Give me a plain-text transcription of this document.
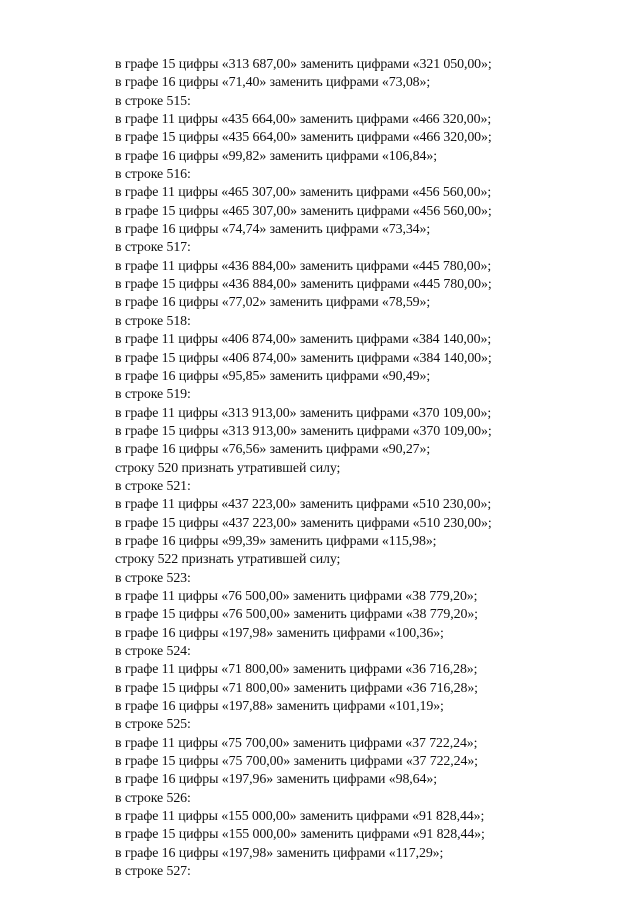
в графе 15 цифры «313 687,00» заменить цифрами «321 050,00»;
в графе 16 цифры «71,40» заменить цифрами «73,08»;
в строке 515:
в графе 11 цифры «435 664,00» заменить цифрами «466 320,00»;
в графе 15 цифры «435 664,00» заменить цифрами «466 320,00»;
в графе 16 цифры «99,82» заменить цифрами «106,84»;
в строке 516:
в графе 11 цифры «465 307,00» заменить цифрами «456 560,00»;
в графе 15 цифры «465 307,00» заменить цифрами «456 560,00»;
в графе 16 цифры «74,74» заменить цифрами «73,34»;
в строке 517:
в графе 11 цифры «436 884,00» заменить цифрами «445 780,00»;
в графе 15 цифры «436 884,00» заменить цифрами «445 780,00»;
в графе 16 цифры «77,02» заменить цифрами «78,59»;
в строке 518:
в графе 11 цифры «406 874,00» заменить цифрами «384 140,00»;
в графе 15 цифры «406 874,00» заменить цифрами «384 140,00»;
в графе 16 цифры «95,85» заменить цифрами «90,49»;
в строке 519:
в графе 11 цифры «313 913,00» заменить цифрами «370 109,00»;
в графе 15 цифры «313 913,00» заменить цифрами «370 109,00»;
в графе 16 цифры «76,56» заменить цифрами «90,27»;
строку 520 признать утратившей силу;
в строке 521:
в графе 11 цифры «437 223,00» заменить цифрами «510 230,00»;
в графе 15 цифры «437 223,00» заменить цифрами «510 230,00»;
в графе 16 цифры «99,39» заменить цифрами «115,98»;
строку 522 признать утратившей силу;
в строке 523:
в графе 11 цифры «76 500,00» заменить цифрами «38 779,20»;
в графе 15 цифры «76 500,00» заменить цифрами «38 779,20»;
в графе 16 цифры «197,98» заменить цифрами «100,36»;
в строке 524:
в графе 11 цифры «71 800,00» заменить цифрами «36 716,28»;
в графе 15 цифры «71 800,00» заменить цифрами «36 716,28»;
в графе 16 цифры «197,88» заменить цифрами «101,19»;
в строке 525:
в графе 11 цифры «75 700,00» заменить цифрами «37 722,24»;
в графе 15 цифры «75 700,00» заменить цифрами «37 722,24»;
в графе 16 цифры «197,96» заменить цифрами «98,64»;
в строке 526:
в графе 11 цифры «155 000,00» заменить цифрами «91 828,44»;
в графе 15 цифры «155 000,00» заменить цифрами «91 828,44»;
в графе 16 цифры «197,98» заменить цифрами «117,29»;
в строке 527:
